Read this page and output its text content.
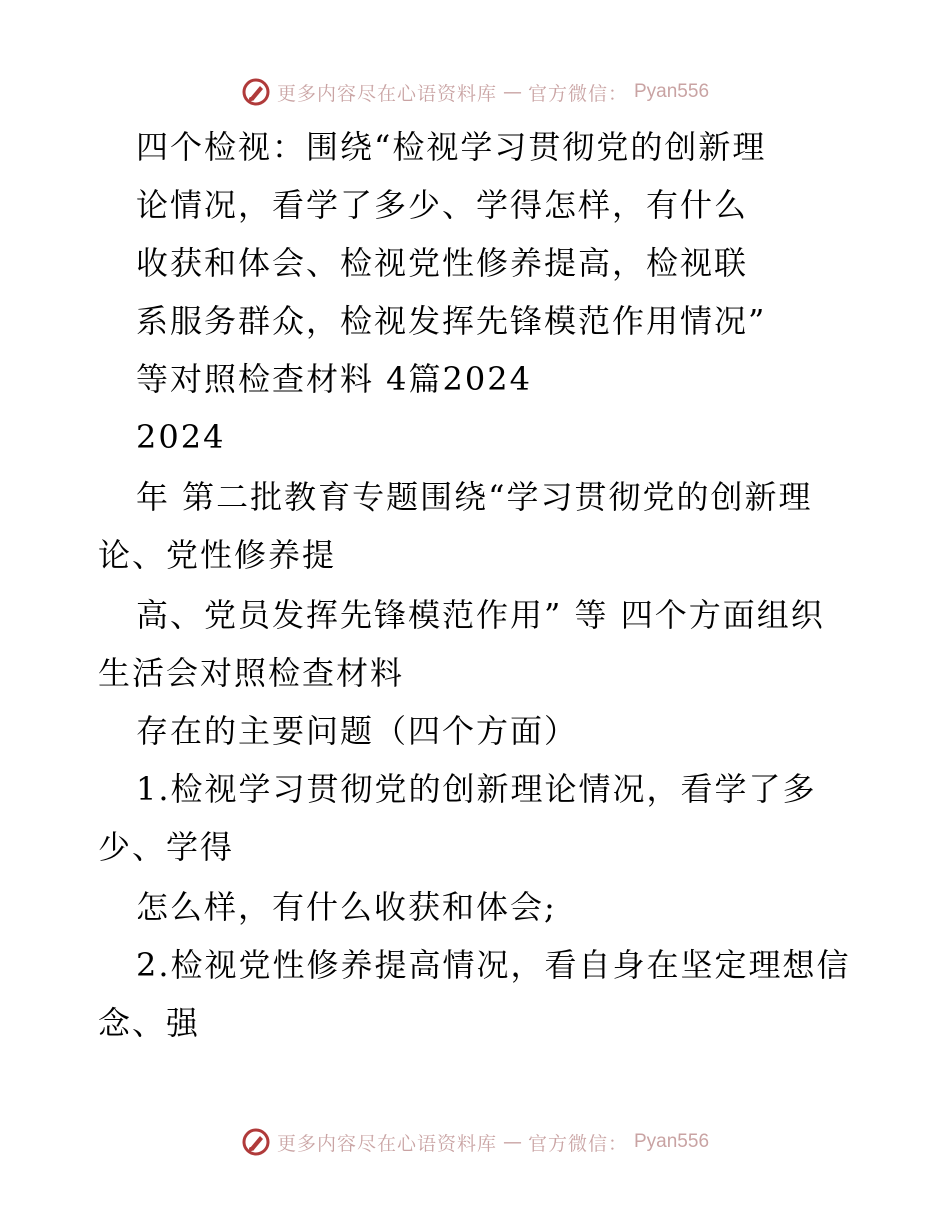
更多内容尽在心语资料库 — 官方微信： Pyan556
四个检视：围绕“检视学习贯彻党的创新理
论情况，看学了多少、学得怎样，有什么
收获和体会、检视党性修养提高，检视联
系服务群众，检视发挥先锋模范作用情况”
等对照检查材料 4篇2024
2024
年 第二批教育专题围绕“学习贯彻党的创新理
论、党性修养提
高、党员发挥先锋模范作用” 等 四个方面组织
生活会对照检查材料
存在的主要问题（四个方面）
1.检视学习贯彻党的创新理论情况，看学了多
少、学得
怎么样，有什么收获和体会;
2.检视党性修养提高情况，看自身在坚定理想信
念、强
更多内容尽在心语资料库 — 官方微信： Pyan556
